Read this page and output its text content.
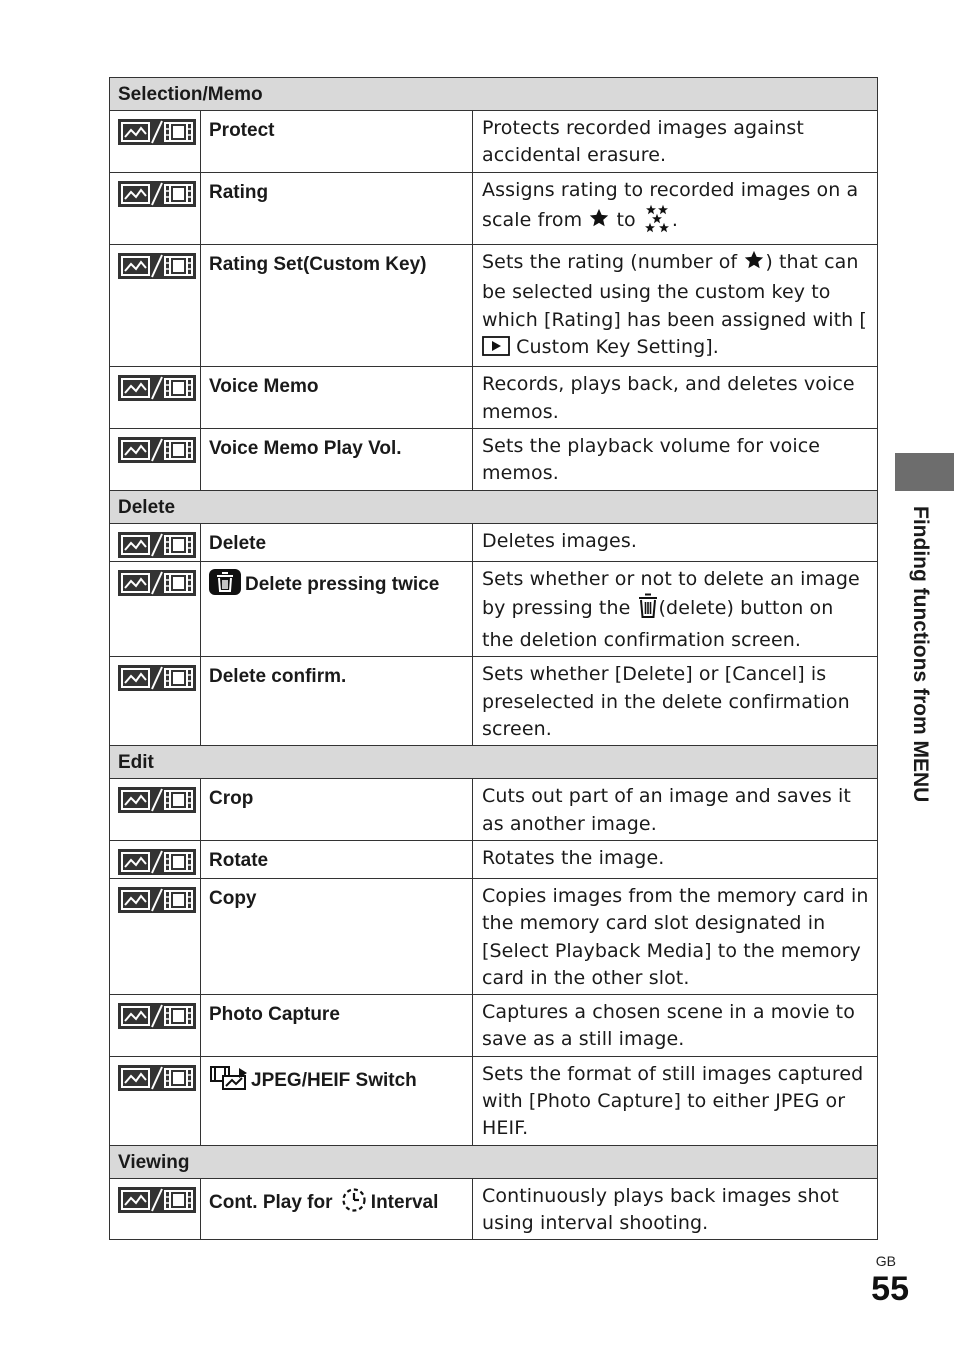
Selection/Memo		

	Protect	Protects recorded images against accidental erasure.

	Rating	Assigns rating to recorded images on a scale from  to .

	Rating Set(Custom Key)	Sets the rating (number of ) that can be selected using the custom key to which [Rating] has been assigned with [ Custom Key Setting].

	Voice Memo	Records, plays back, and deletes voice memos.

	Voice Memo Play Vol.	Sets the playback volume for voice memos.
Delete		

	Delete	Deletes images.

	Delete pressing twice	Sets whether or not to delete an image by pressing the (delete) button on the deletion confirmation screen.

	Delete confirm.	Sets whether [Delete] or [Cancel] is preselected in the delete confirmation screen.
Edit		

	Crop	Cuts out part of an image and saves it as another image.

	Rotate	Rotates the image.

	Copy	Copies images from the memory card in the memory card slot designated in [Select Playback Media] to the memory card in the other slot.

	Photo Capture	Captures a chosen scene in a movie to save as a still image.

	JPEG/HEIF Switch	Sets the format of still images captured with [Photo Capture] to either JPEG or HEIF.
Viewing		

	Cont. Play for Interval	Continuously plays back images shot using interval shooting.
Finding functions from MENU
GB
55
